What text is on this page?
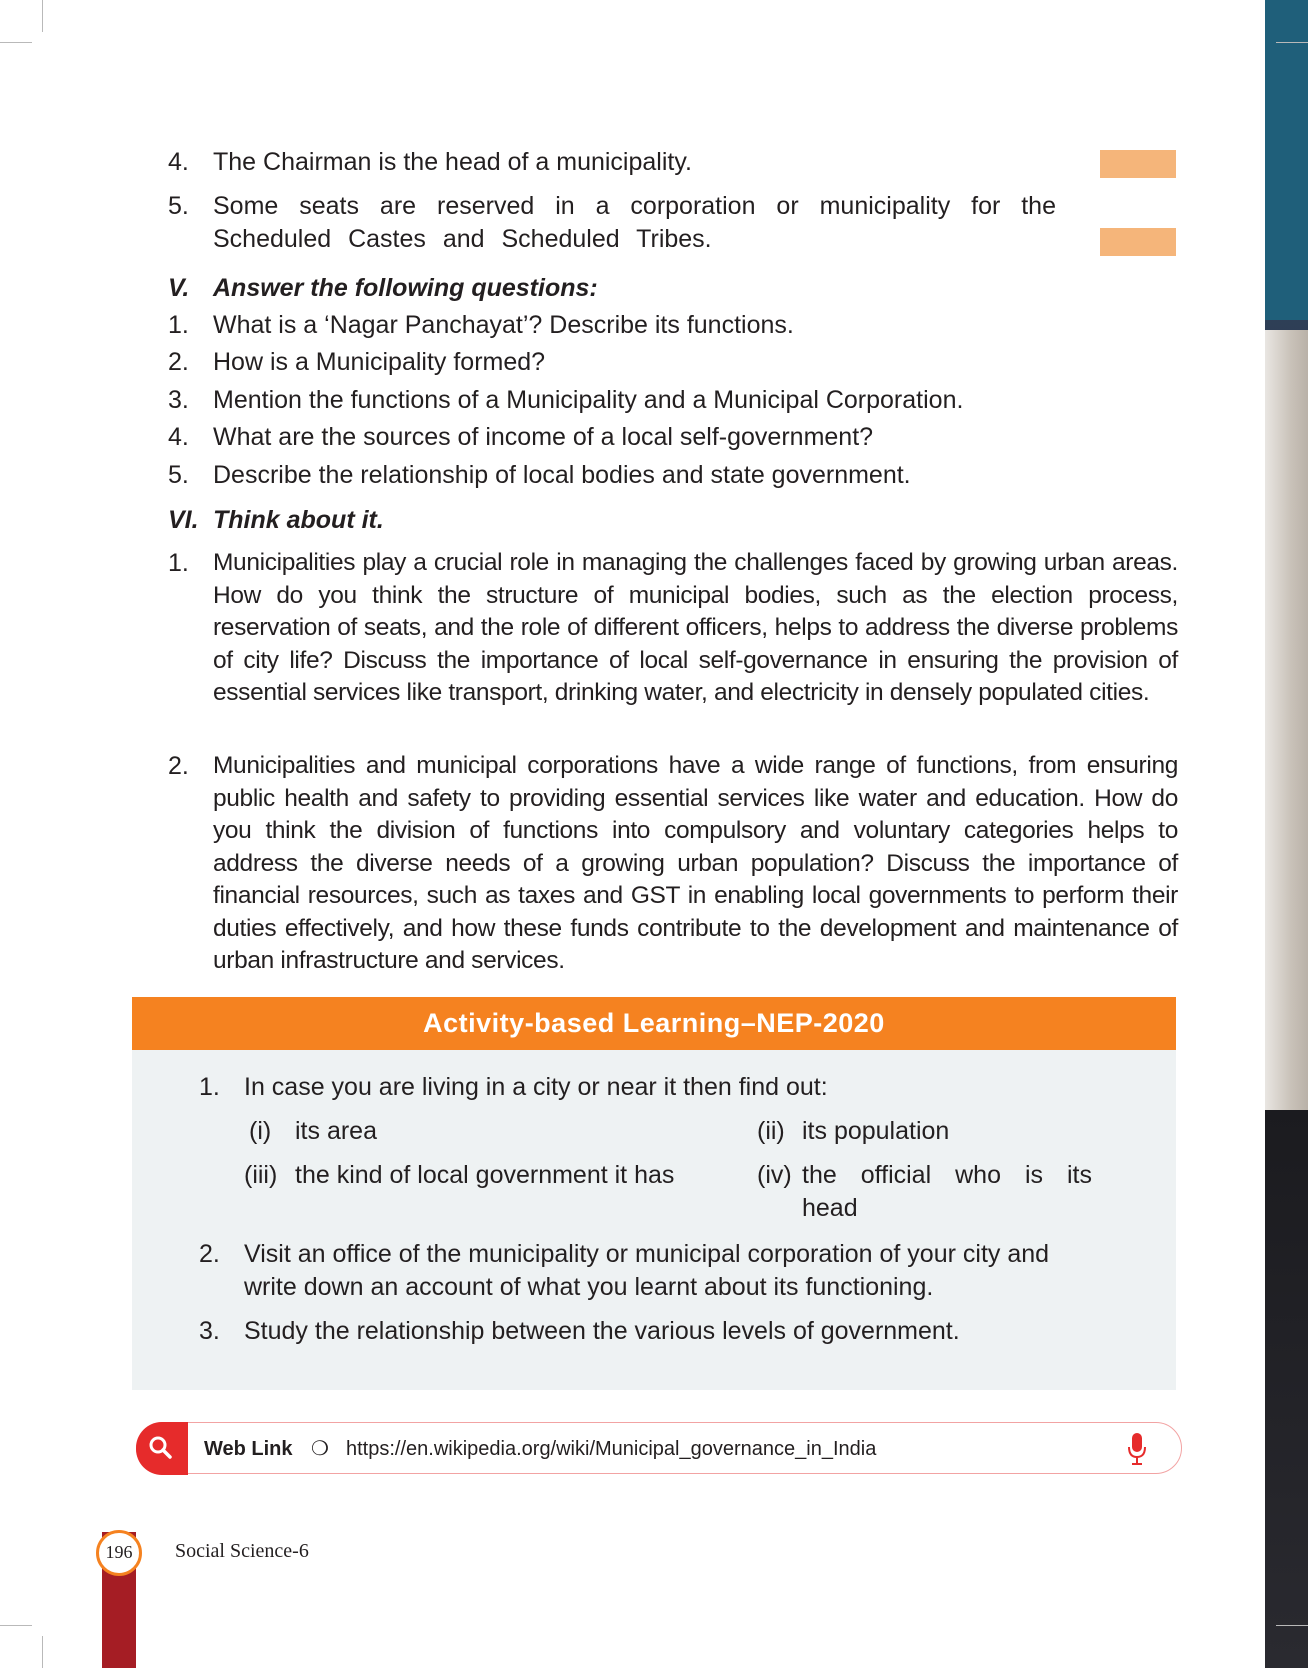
4. The Chairman is the head of a municipality.
5. Some seats are reserved in a corporation or municipality for the Scheduled Castes and Scheduled Tribes.
V. Answer the following questions:
1. What is a ‘Nagar Panchayat’? Describe its functions.
2. How is a Municipality formed?
3. Mention the functions of a Municipality and a Municipal Corporation.
4. What are the sources of income of a local self-government?
5. Describe the relationship of local bodies and state government.
VI. Think about it.
1. Municipalities play a crucial role in managing the challenges faced by growing urban areas. How do you think the structure of municipal bodies, such as the election process, reservation of seats, and the role of different officers, helps to address the diverse problems of city life? Discuss the importance of local self-governance in ensuring the provision of essential services like transport, drinking water, and electricity in densely populated cities.
2. Municipalities and municipal corporations have a wide range of functions, from ensuring public health and safety to providing essential services like water and education. How do you think the division of functions into compulsory and voluntary categories helps to address the diverse needs of a growing urban population? Discuss the importance of financial resources, such as taxes and GST in enabling local governments to perform their duties effectively, and how these funds contribute to the development and maintenance of urban infrastructure and services.
Activity-based Learning–NEP-2020
1. In case you are living in a city or near it then find out:
(i) its area	(ii) its population
(iii) the kind of local government it has	(iv) the official who is its head
2. Visit an office of the municipality or municipal corporation of your city and write down an account of what you learnt about its functioning.
3. Study the relationship between the various levels of government.
Web Link ❍ https://en.wikipedia.org/wiki/Municipal_governance_in_India
196	Social Science-6
